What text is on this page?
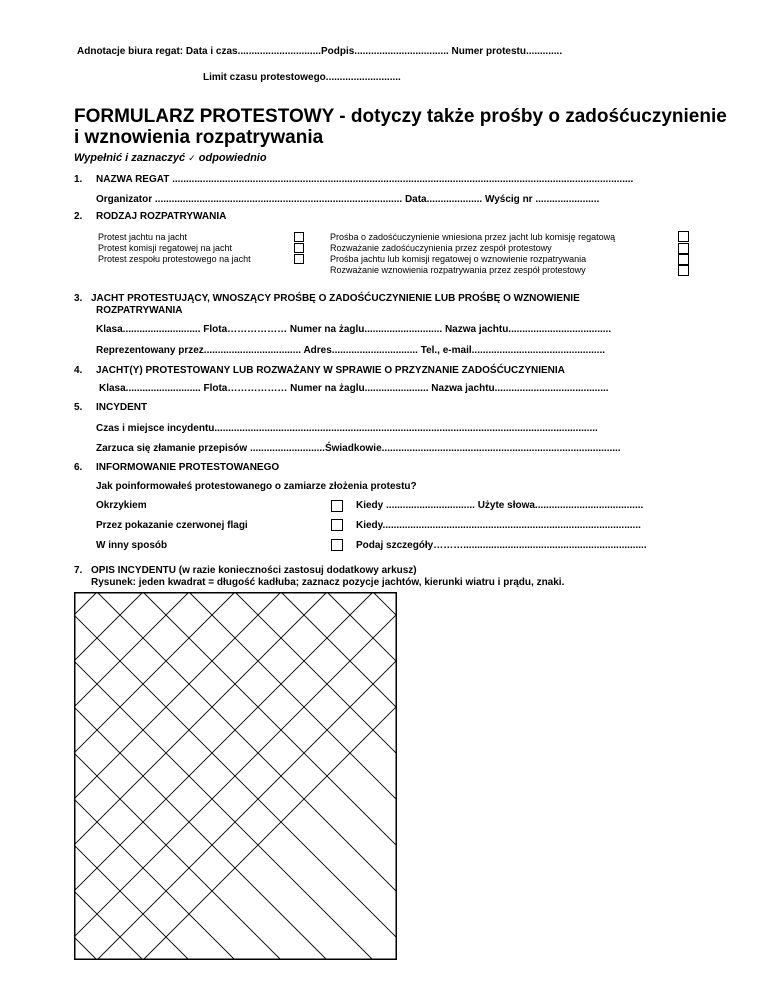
Adnotacje biura regat: Data i czas..............................Podpis.................................. Numer protestu.............
Limit czasu protestowego...........................
FORMULARZ PROTESTOWY - dotyczy także prośby o zadośćuczynienie
i wznowienia rozpatrywania
Wypełnić i zaznaczyć ✓ odpowiednio
1. NAZWA REGAT ......................................................................................................................................................................
Organizator ......................................................................................... Data.................... Wyścig nr .......................
2. RODZAJ ROZPATRYWANIA
Protest jachtu na jacht
Protest komisji regatowej na jacht
Protest zespołu protestowego na jacht
Prośba o zadośćuczynienie wniesiona przez jacht lub komisję regatową
Rozważanie zadośćuczynienia przez zespół protestowy
Prośba jachtu lub komisji regatowej o wznowienie rozpatrywania
Rozważanie wznowienia rozpatrywania przez zespół protestowy
3. JACHT PROTESTUJĄCY, WNOSZĄCY PROŚBĘ O ZADOŚĆUCZYNIENIE LUB PROŚBĘ O WZNOWIENIE
ROZPATRYWANIA
Klasa............................ Flota……………… Numer na żaglu............................ Nazwa jachtu.....................................
Reprezentowany przez................................... Adres............................... Tel., e-mail................................................
4. JACHT(Y) PROTESTOWANY LUB ROZWAŻANY W SPRAWIE O PRZYZNANIE ZADOŚĆUCZYNIENIA
Klasa........................... Flota……………… Numer na żaglu....................... Nazwa jachtu.........................................
5. INCYDENT
Czas i miejsce incydentu..........................................................................................................................................
Zarzuca się złamanie przepisów ...........................Świadkowie......................................................................................
6. INFORMOWANIE PROTESTOWANEGO
Jak poinformowałeś protestowanego o zamiarze złożenia protestu?
Okrzykiem	Kiedy ................................ Użyte słowa.......................................
Przez pokazanie czerwonej flagi	Kiedy.............................................................................................
W inny sposób	Podaj szczegóły………..................................................................
7. OPIS INCYDENTU (w razie konieczności zastosuj dodatkowy arkusz)
Rysunek: jeden kwadrat = długość kadłuba; zaznacz pozycje jachtów, kierunki wiatru i prądu, znaki.
